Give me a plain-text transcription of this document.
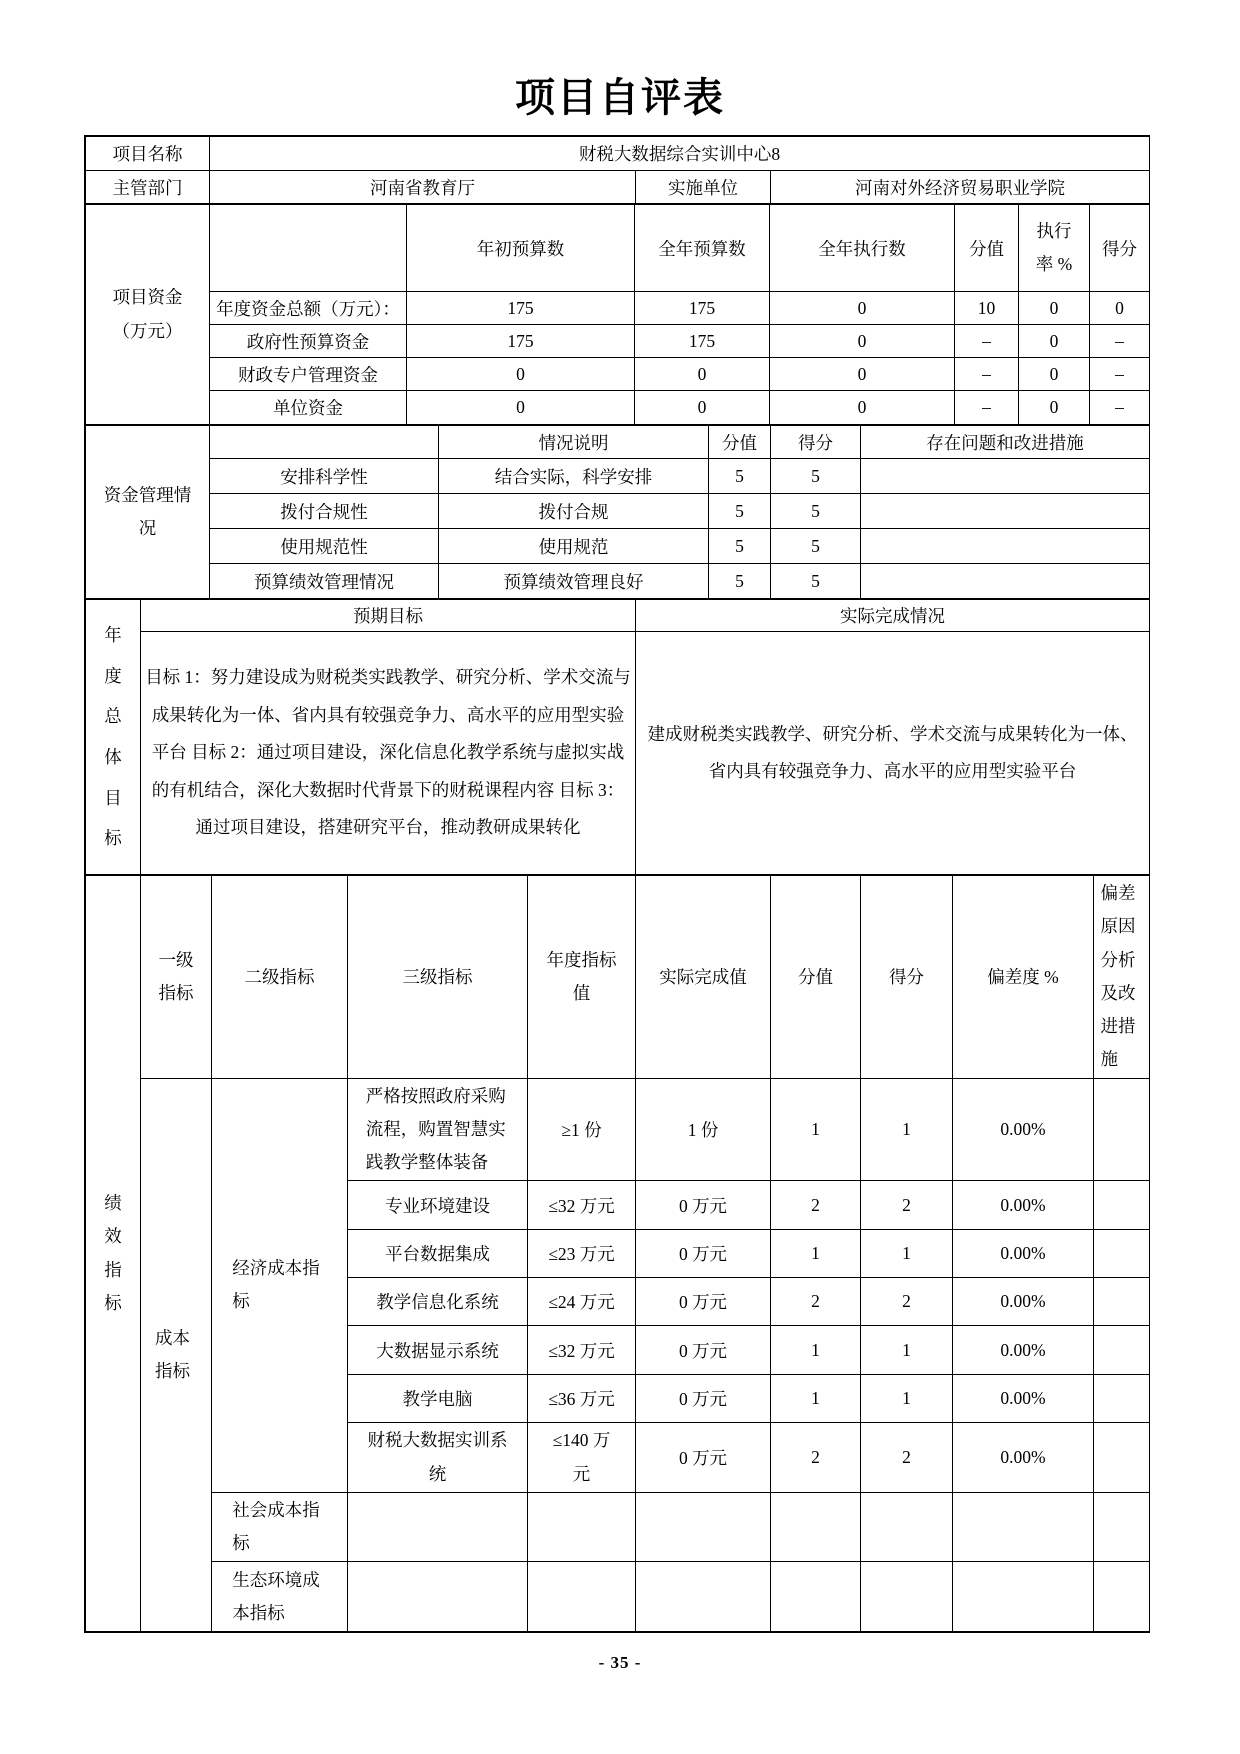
项目自评表
项目名称	财税大数据综合实训中心8		
主管部门	河南省教育厅	实施单位	河南对外经济贸易职业学院
项目资金（万元）		年初预算数	全年预算数	全年执行数	分值	执行率 %	得分
	年度资金总额（万元）：	175	175	0	10	0	0
	政府性预算资金	175	175	0	–	0	–
	财政专户管理资金	0	0	0	–	0	–
	单位资金	0	0	0	–	0	–
资金管理情况		情况说明	分值	得分	存在问题和改进措施
	安排科学性	结合实际，科学安排	5	5	
	拨付合规性	拨付合规	5	5	
	使用规范性	使用规范	5	5	
	预算绩效管理情况	预算绩效管理良好	5	5	
年度总体目标	预期目标	实际完成情况
	目标 1：努力建设成为财税类实践教学、研究分析、学术交流与成果转化为一体、省内具有较强竞争力、高水平的应用型实验平台 目标 2：通过项目建设，深化信息化教学系统与虚拟实战的有机结合，深化大数据时代背景下的财税课程内容 目标 3：通过项目建设，搭建研究平台，推动教研成果转化	建成财税类实践教学、研究分析、学术交流与成果转化为一体、省内具有较强竞争力、高水平的应用型实验平台
绩效指标	一级指标	二级指标	三级指标	年度指标值	实际完成值	分值	得分	偏差度 %	偏差原因分析及改进措施
	成本指标	经济成本指标	严格按照政府采购流程，购置智慧实践教学整体装备	≥1 份	1 份	1	1	0.00%	
			专业环境建设	≤32 万元	0 万元	2	2	0.00%	
			平台数据集成	≤23 万元	0 万元	1	1	0.00%	
			教学信息化系统	≤24 万元	0 万元	2	2	0.00%	
			大数据显示系统	≤32 万元	0 万元	1	1	0.00%	
			教学电脑	≤36 万元	0 万元	1	1	0.00%	
			财税大数据实训系统	≤140 万元	0 万元	2	2	0.00%	
		社会成本指标							
		生态环境成本指标							
- 35 -
